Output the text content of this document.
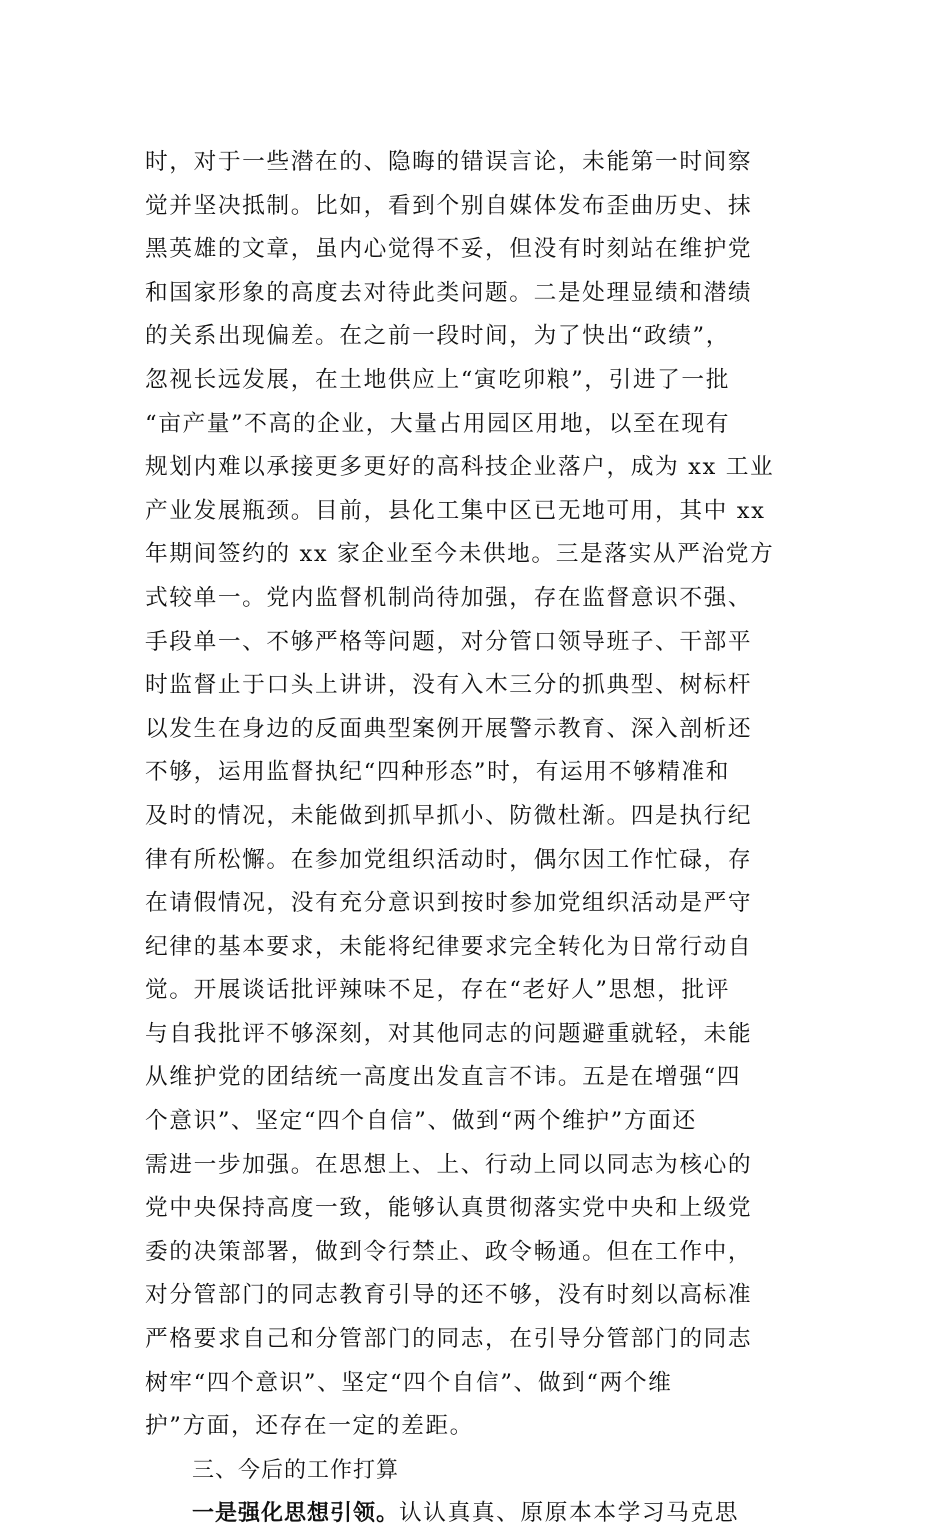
时，对于一些潜在的、隐晦的错误言论，未能第一时间察
觉并坚决抵制。比如，看到个别自媒体发布歪曲历史、抹
黑英雄的文章，虽内心觉得不妥，但没有时刻站在维护党
和国家形象的高度去对待此类问题。二是处理显绩和潜绩
的关系出现偏差。在之前一段时间，为了快出“政绩”，
忽视长远发展，在土地供应上“寅吃卯粮”，引进了一批
“亩产量”不高的企业，大量占用园区用地，以至在现有
规划内难以承接更多更好的高科技企业落户，成为 xx 工业
产业发展瓶颈。目前，县化工集中区已无地可用，其中 xx
年期间签约的 xx 家企业至今未供地。三是落实从严治党方
式较单一。党内监督机制尚待加强，存在监督意识不强、
手段单一、不够严格等问题，对分管口领导班子、干部平
时监督止于口头上讲讲，没有入木三分的抓典型、树标杆
以发生在身边的反面典型案例开展警示教育、深入剖析还
不够，运用监督执纪“四种形态”时，有运用不够精准和
及时的情况，未能做到抓早抓小、防微杜渐。四是执行纪
律有所松懈。在参加党组织活动时，偶尔因工作忙碌，存
在请假情况，没有充分意识到按时参加党组织活动是严守
纪律的基本要求，未能将纪律要求完全转化为日常行动自
觉。开展谈话批评辣味不足，存在“老好人”思想，批评
与自我批评不够深刻，对其他同志的问题避重就轻，未能
从维护党的团结统一高度出发直言不讳。五是在增强“四
个意识”、坚定“四个自信”、做到“两个维护”方面还
需进一步加强。在思想上、上、行动上同以同志为核心的
党中央保持高度一致，能够认真贯彻落实党中央和上级党
委的决策部署，做到令行禁止、政令畅通。但在工作中，
对分管部门的同志教育引导的还不够，没有时刻以高标准
严格要求自己和分管部门的同志，在引导分管部门的同志
树牢“四个意识”、坚定“四个自信”、做到“两个维
护”方面，还存在一定的差距。
三、今后的工作打算
一是强化思想引领。认认真真、原原本本学习马克思
